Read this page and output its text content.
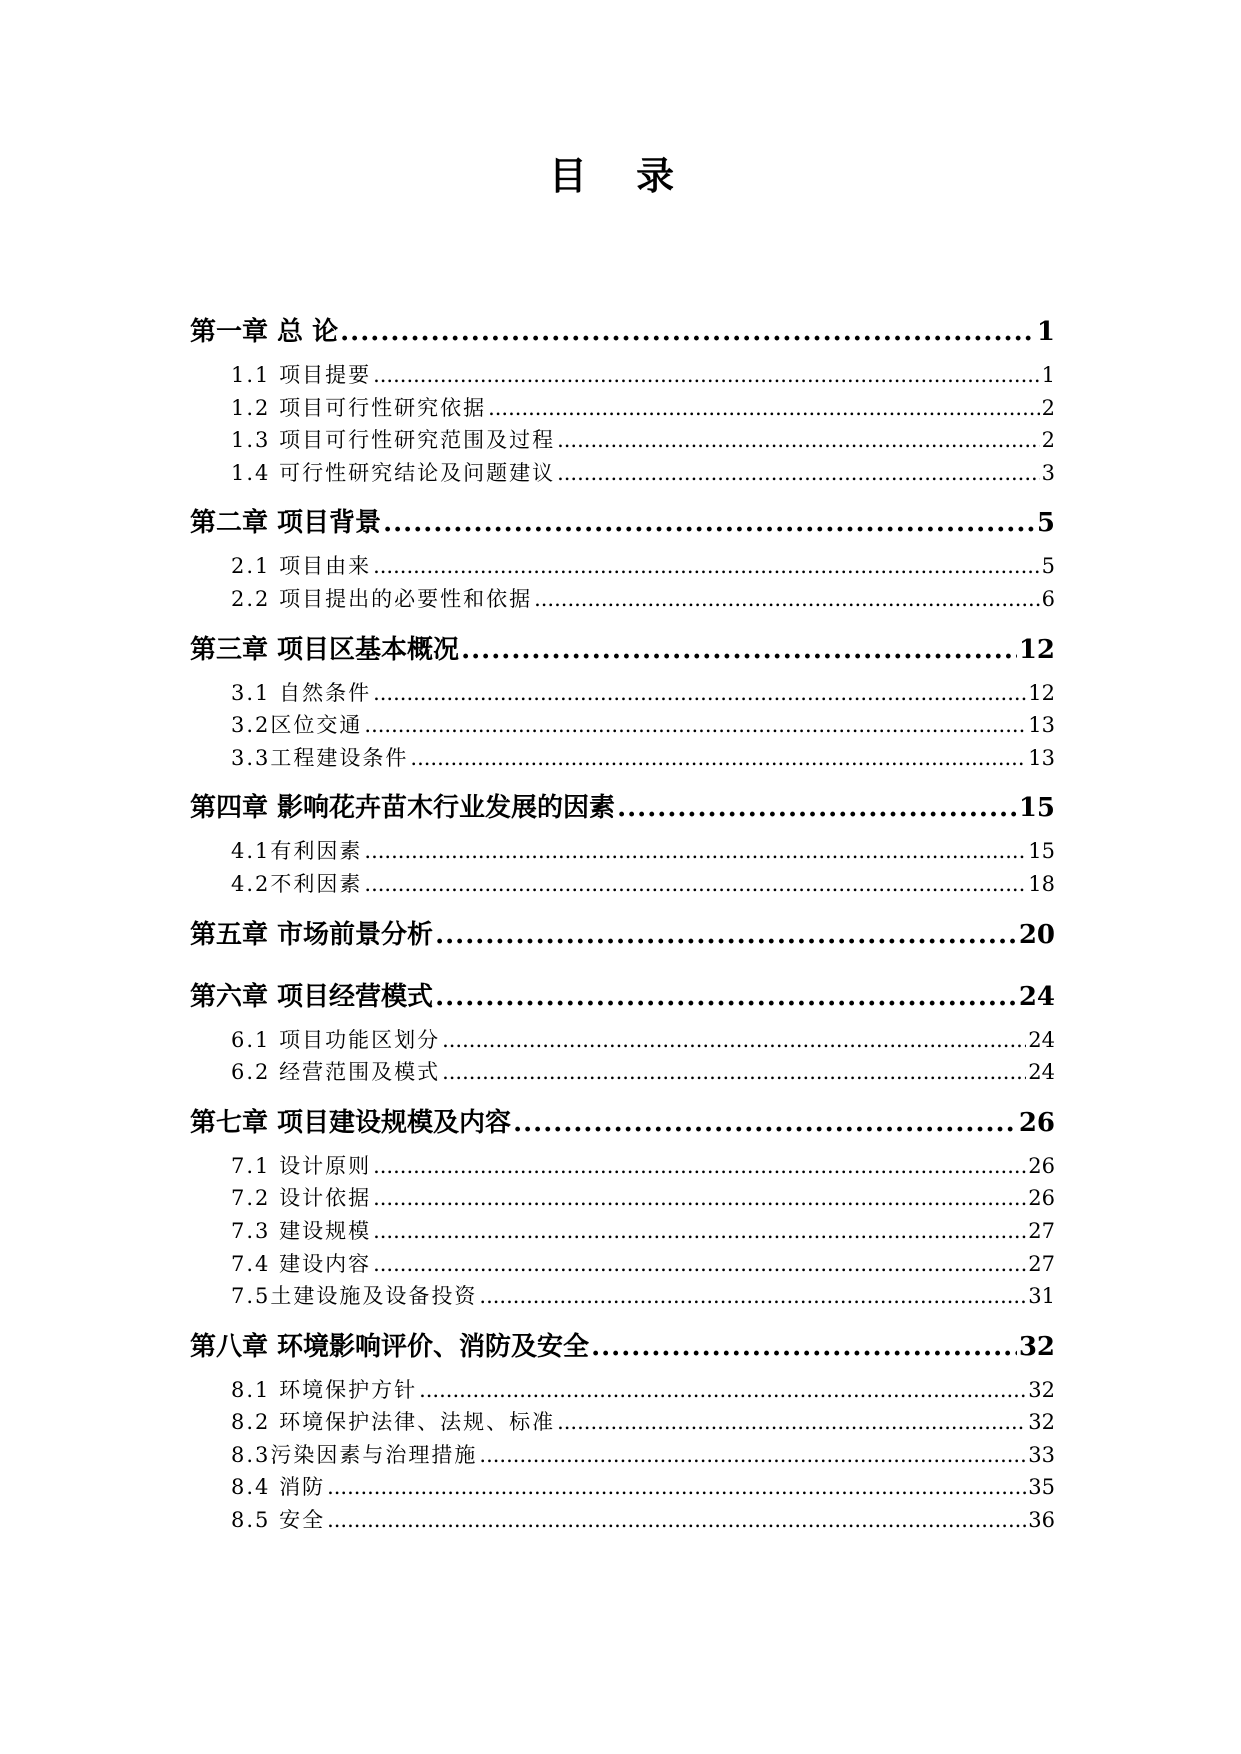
目 录
第一章 总 论 .....	1
1.1 项目提要 .....	1
1.2 项目可行性研究依据 .....	2
1.3 项目可行性研究范围及过程 .....	2
1.4 可行性研究结论及问题建议 .....	3
第二章 项目背景 .....	5
2.1 项目由来 .....	5
2.2 项目提出的必要性和依据 .....	6
第三章 项目区基本概况 .....	12
3.1 自然条件 .....	12
3.2区位交通 .....	13
3.3工程建设条件 .....	13
第四章 影响花卉苗木行业发展的因素 .....	15
4.1有利因素 .....	15
4.2不利因素 .....	18
第五章 市场前景分析 .....	20
第六章 项目经营模式 .....	24
6.1 项目功能区划分 .....	24
6.2 经营范围及模式 .....	24
第七章 项目建设规模及内容 .....	26
7.1 设计原则 .....	26
7.2 设计依据 .....	26
7.3 建设规模 .....	27
7.4 建设内容 .....	27
7.5土建设施及设备投资 .....	31
第八章 环境影响评价、消防及安全 .....	32
8.1 环境保护方针 .....	32
8.2 环境保护法律、法规、标准 .....	32
8.3污染因素与治理措施 .....	33
8.4 消防 .....	35
8.5 安全 .....	36
